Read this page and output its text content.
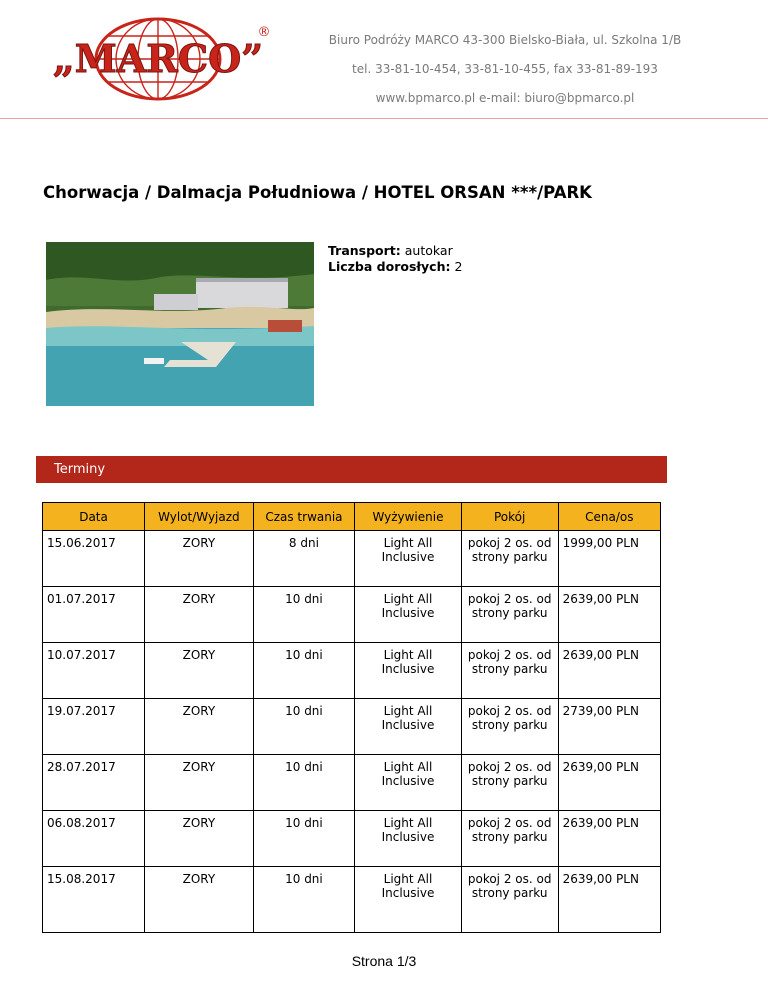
„MARCO”
®	Biuro Podróży MARCO 43-300 Bielsko-Biała, ul. Szkolna 1/B
tel. 33-81-10-454, 33-81-10-455, fax 33-81-89-193
www.bpmarco.pl e-mail: biuro@bpmarco.pl
Chorwacja / Dalmacja Południowa / HOTEL ORSAN ***/PARK
Transport: autokar
Liczba dorosłych: 2
Terminy
Data	Wylot/Wyjazd	Czas trwania	Wyżywienie	Pokój	Cena/os
15.06.2017	ZORY	8 dni	Light All Inclusive	pokoj 2 os. od strony parku	1999,00 PLN
01.07.2017	ZORY	10 dni	Light All Inclusive	pokoj 2 os. od strony parku	2639,00 PLN
10.07.2017	ZORY	10 dni	Light All Inclusive	pokoj 2 os. od strony parku	2639,00 PLN
19.07.2017	ZORY	10 dni	Light All Inclusive	pokoj 2 os. od strony parku	2739,00 PLN
28.07.2017	ZORY	10 dni	Light All Inclusive	pokoj 2 os. od strony parku	2639,00 PLN
06.08.2017	ZORY	10 dni	Light All Inclusive	pokoj 2 os. od strony parku	2639,00 PLN
15.08.2017	ZORY	10 dni	Light All Inclusive	pokoj 2 os. od strony parku	2639,00 PLN
Strona 1/3
